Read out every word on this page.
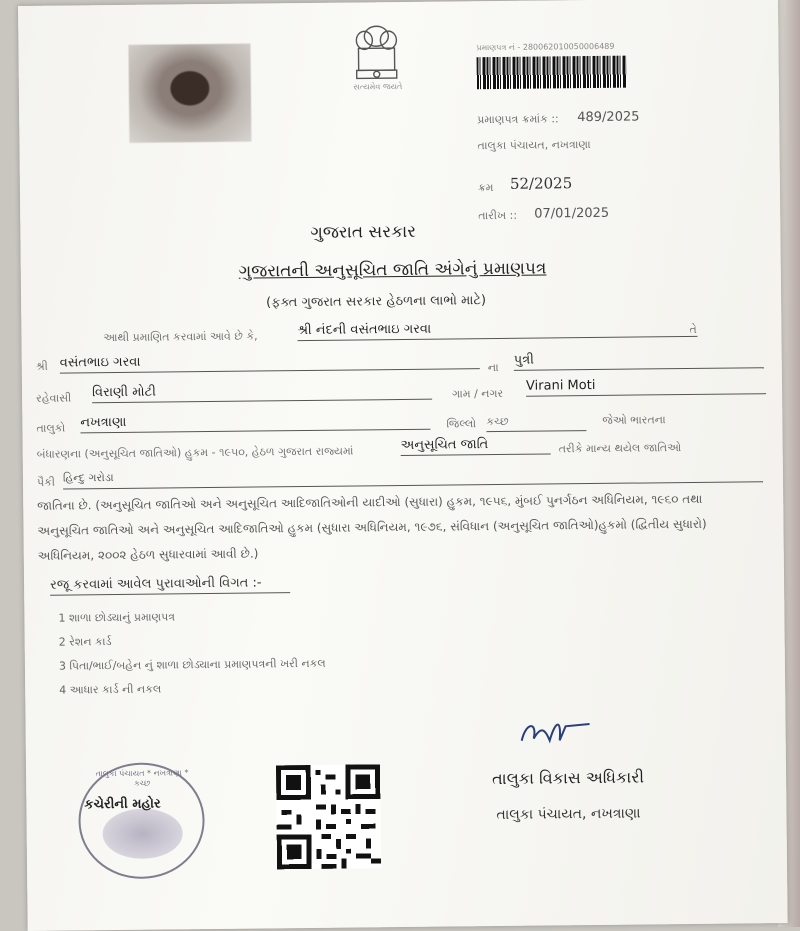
સત્યમેવ જયતે
પ્રમાણપત્ર નં - 280062010050006489
પ્રમાણપત્ર ક્રમાંક :: 489/2025
તાલુકા પંચાયત, નખત્રાણા
ક્રમ 52/2025
તારીખ :: 07/01/2025
ગુજરાત સરકાર
ગુજરાતની અનુસૂચિત જાતિ અંગેનું પ્રમાણપત્ર
(ફક્ત ગુજરાત સરકાર હેઠળના લાભો માટે)
આથી પ્રમાણિત કરવામાં આવે છે કે,	શ્રી નંદની વસંતભાઇ ગરવા	તે
શ્રી વસંતભાઇ ગરવા	ના પુત્રી
રહેવાસી વિરાણી મોટી	ગામ / નગર
Virani Moti
તાલુકો નખત્રાણા	જિલ્લો કચ્છ	જેઓ ભારતના
બંધારણના (અનુસૂચિત જાતિઓ) હુકમ - ૧૯૫૦, હેઠળ ગુજરાત રાજ્યમાં	અનુસૂચિત જાતિ	તરીકે માન્ય થયેલ જાતિઓ
પૈકી હિન્દુ ગરોડા
જાતિના છે. (અનુસૂચિત જાતિઓ અને અનુસૂચિત આદિજાતિઓની યાદીઓ (સુધારા) હુકમ, ૧૯૫૬, મુંબઈ પુનર્ગઠન અધિનિયમ, ૧૯૬૦ તથા અનુસૂચિત જાતિઓ અને અનુસૂચિત આદિજાતિઓ હુકમ (સુધારા અધિનિયમ, ૧૯૭૬, સંવિધાન (અનુસૂચિત જાતિઓ)હુકમો (દ્વિતીય સુધારો) અધિનિયમ, ૨૦૦૨ હેઠળ સુધારવામાં આવી છે.)
રજૂ કરવામાં આવેલ પુરાવાઓની વિગત :-
1 શાળા છોડ્યાનું પ્રમાણપત્ર
2 રેશન કાર્ડ
3 પિતા/ભાઈ/બહેન નું શાળા છોડ્યાના પ્રમાણપત્રની ખરી નકલ
4 આધાર કાર્ડ ની નકલ
તાલુકા વિકાસ અધિકારી
તાલુકા પંચાયત, નખત્રાણા
તાલુકા પંચાયત * નખત્રાણા * કચ્છ
કચેરીની મહોર
